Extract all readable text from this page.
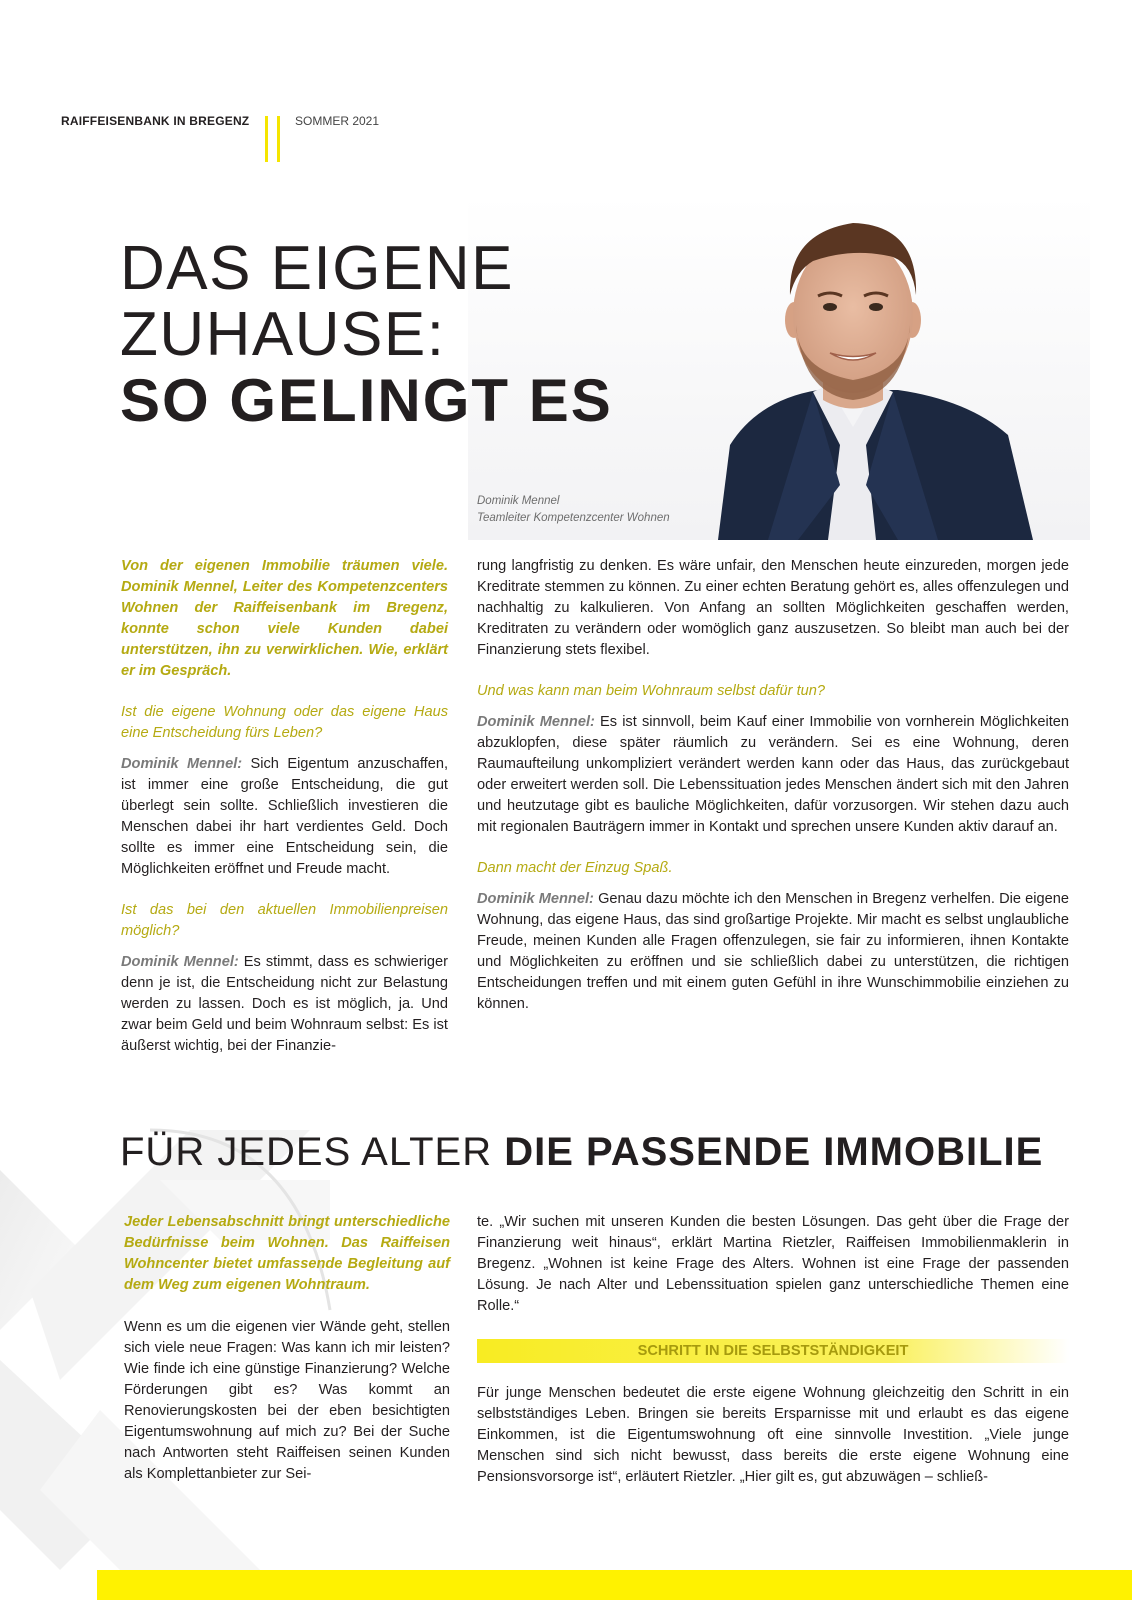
RAIFFEISENBANK IN BREGENZ	SOMMER 2021
DAS EIGENE
ZUHAUSE:
SO GELINGT ES
Dominik Mennel
Teamleiter Kompetenzcenter Wohnen

Von der eigenen Immobilie träumen viele. Dominik Mennel, Leiter des Kompetenzcenters Wohnen der Raiffeisenbank im Bregenz, konnte schon viele Kunden dabei unterstützen, ihn zu verwirklichen. Wie, erklärt er im Gespräch.

Ist die eigene Wohnung oder das eigene Haus eine Entscheidung fürs Leben?

Dominik Mennel: Sich Eigentum anzuschaffen, ist immer eine große Entscheidung, die gut überlegt sein sollte. Schließlich investieren die Menschen dabei ihr hart verdientes Geld. Doch sollte es immer eine Entscheidung sein, die Möglichkeiten eröffnet und Freude macht.

Ist das bei den aktuellen Immobilienpreisen möglich?

Dominik Mennel: Es stimmt, dass es schwieriger denn je ist, die Entscheidung nicht zur Belastung werden zu lassen. Doch es ist möglich, ja. Und zwar beim Geld und beim Wohnraum selbst: Es ist äußerst wichtig, bei der Finanzie-

rung langfristig zu denken. Es wäre unfair, den Menschen heute einzureden, morgen jede Kreditrate stemmen zu können. Zu einer echten Beratung gehört es, alles offenzulegen und nachhaltig zu kalkulieren. Von Anfang an sollten Möglichkeiten geschaffen werden, Kreditraten zu verändern oder womöglich ganz auszusetzen. So bleibt man auch bei der Finanzierung stets flexibel.

Und was kann man beim Wohnraum selbst dafür tun?

Dominik Mennel: Es ist sinnvoll, beim Kauf einer Immobilie von vornherein Möglichkeiten abzuklopfen, diese später räumlich zu verändern. Sei es eine Wohnung, deren Raumaufteilung unkompliziert verändert werden kann oder das Haus, das zurückgebaut oder erweitert werden soll. Die Lebenssituation jedes Menschen ändert sich mit den Jahren und heutzutage gibt es bauliche Möglichkeiten, dafür vorzusorgen. Wir stehen dazu auch mit regionalen Bauträgern immer in Kontakt und sprechen unsere Kunden aktiv darauf an.

Dann macht der Einzug Spaß.

Dominik Mennel: Genau dazu möchte ich den Menschen in Bregenz verhelfen. Die eigene Wohnung, das eigene Haus, das sind großartige Projekte. Mir macht es selbst unglaubliche Freude, meinen Kunden alle Fragen offenzulegen, sie fair zu informieren, ihnen Kontakte und Möglichkeiten zu eröffnen und sie schließlich dabei zu unterstützen, die richtigen Entscheidungen treffen und mit einem guten Gefühl in ihre Wunschimmobilie einziehen zu können.

FÜR JEDES ALTER DIE PASSENDE IMMOBILIE

Jeder Lebensabschnitt bringt unterschiedliche Bedürfnisse beim Wohnen. Das Raiffeisen Wohncenter bietet umfassende Begleitung auf dem Weg zum eigenen Wohntraum.

Wenn es um die eigenen vier Wände geht, stellen sich viele neue Fragen: Was kann ich mir leisten? Wie finde ich eine günstige Finanzierung? Welche Förderungen gibt es? Was kommt an Renovierungskosten bei der eben besichtigten Eigentumswohnung auf mich zu? Bei der Suche nach Antworten steht Raiffeisen seinen Kunden als Komplettanbieter zur Sei-

te. „Wir suchen mit unseren Kunden die besten Lösungen. Das geht über die Frage der Finanzierung weit hinaus“, erklärt Martina Rietzler, Raiffeisen Immobilienmaklerin in Bregenz. „Wohnen ist keine Frage des Alters. Wohnen ist eine Frage der passenden Lösung. Je nach Alter und Lebenssituation spielen ganz unterschiedliche Themen eine Rolle.“

SCHRITT IN DIE SELBSTSTÄNDIGKEIT

Für junge Menschen bedeutet die erste eigene Wohnung gleichzeitig den Schritt in ein selbstständiges Leben. Bringen sie bereits Ersparnisse mit und erlaubt es das eigene Einkommen, ist die Eigentumswohnung oft eine sinnvolle Investition. „Viele junge Menschen sind sich nicht bewusst, dass bereits die erste eigene Wohnung eine Pensionsvorsorge ist“, erläutert Rietzler. „Hier gilt es, gut abzuwägen – schließ-
